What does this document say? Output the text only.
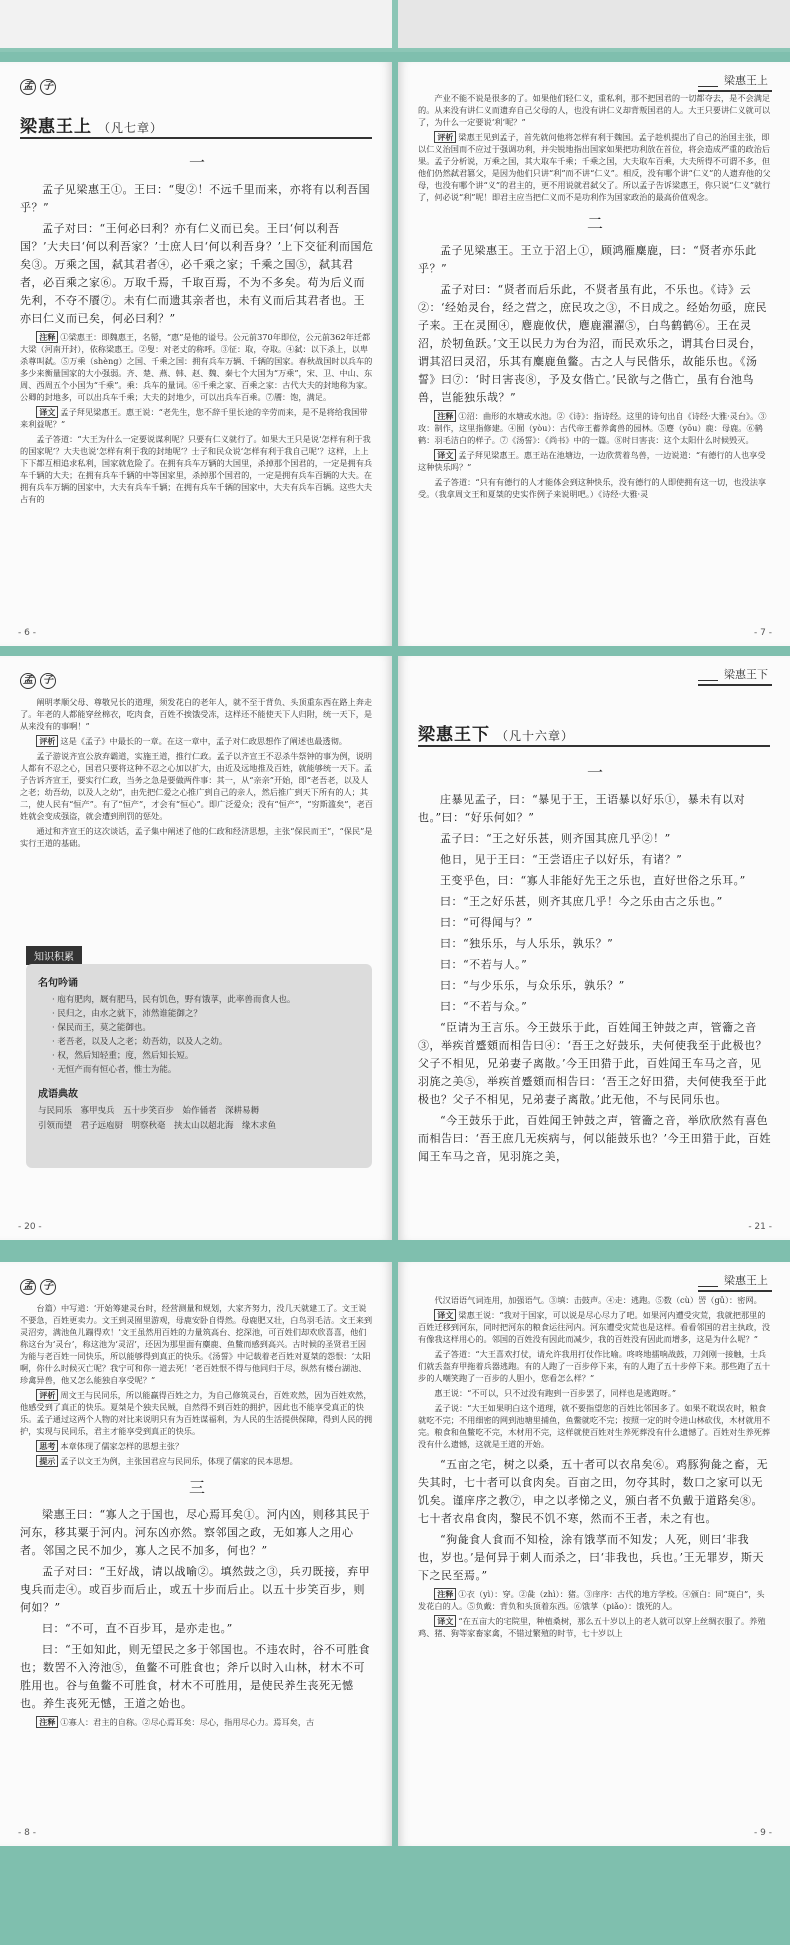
孟 子
梁惠王上 （凡七章）
一

孟子见梁惠王①。王曰：“叟②！不远千里而来，亦将有以利吾国乎？”

孟子对曰：“王何必曰利？亦有仁义而已矣。王曰‘何以利吾国？’大夫曰‘何以利吾家？’士庶人曰‘何以利吾身？’上下交征利而国危矣③。万乘之国，弑其君者④，必千乘之家；千乘之国⑤，弑其君者，必百乘之家⑥。万取千焉，千取百焉，不为不多矣。苟为后义而先利，不夺不餍⑦。未有仁而遗其亲者也，未有义而后其君者也。王亦曰仁义而已矣，何必曰利？”

注释 ①梁惠王：即魏惠王，名罃，“惠”是他的谥号。公元前370年即位，公元前362年迁都大梁（河南开封），依称梁惠王。②叟：对老丈的称呼。③征：取，夺取。④弑：以下杀上，以卑杀尊叫弑。⑤万乘（shèng）之国、千乘之国：拥有兵车万辆、千辆的国家。春秋战国时以兵车的多少来衡量国家的大小强弱。齐、楚、燕、韩、赵、魏、秦七个大国为“万乘”，宋、卫、中山、东周、西周五个小国为“千乘”。乘：兵车的量词。⑥千乘之家、百乘之家：古代大夫的封地称为家。公卿的封地多，可以出兵车千乘；大夫的封地少，可以出兵车百乘。⑦餍：饱，满足。

译文 孟子拜见梁惠王。惠王说：“老先生，您不辞千里长途的辛劳而来，是不是将给我国带来利益呢？”

孟子答道：“大王为什么一定要说谋利呢？只要有仁义就行了。如果大王只是说‘怎样有利于我的国家呢’？大夫也说‘怎样有利于我的封地呢’？士子和民众说‘怎样有利于我自己呢’？这样，上上下下都互相追求私利，国家就危险了。在拥有兵车万辆的大国里，杀掉那个国君的，一定是拥有兵车千辆的大夫；在拥有兵车千辆的中等国家里，杀掉那个国君的，一定是拥有兵车百辆的大夫。在拥有兵车万辆的国家中，大夫有兵车千辆；在拥有兵车千辆的国家中，大夫有兵车百辆。这些大夫占有的

- 6 -
梁惠王上

产业不能不说是很多的了。如果他们轻仁义，重私利，那不把国君的一切都夺去，是不会满足的。从来没有讲仁义而遗弃自己父母的人，也没有讲仁义却背叛国君的人。大王只要讲仁义就可以了，为什么一定要说‘利’呢？”

评析 梁惠王见到孟子，首先就问他将怎样有利于魏国。孟子趁机提出了自己的治国主张，即以仁义治国而不应过于强调功利，并尖锐地指出国家如果把功利放在首位，将会造成严重的政治后果。孟子分析说，万乘之国，其大取车千乘；千乘之国，大夫取车百乘，大夫所得不可谓不多，但他们仍然弑君篡父，是因为他们只讲“利”而不讲“仁义”。相反，没有哪个讲“仁义”的人遗弃他的父母，也没有哪个讲“义”的君主的，更不用说就君弑父了。所以孟子告诉梁惠王，你只说“仁义”就行了，何必说“利”呢！即君主应当把仁义而不是功利作为国家政治的最高价值观念。

二

孟子见梁惠王。王立于沼上①，顾鸿雁麋鹿，曰：“贤者亦乐此乎？”

孟子对曰：“贤者而后乐此，不贤者虽有此，不乐也。《诗》云②：‘经始灵台，经之营之，庶民攻之③，不日成之。经始勿亟，庶民子来。王在灵囿④，麀鹿攸伏，麀鹿濯濯⑤，白鸟鹤鹤⑥。王在灵沼，於牣鱼跃。’文王以民力为台为沼，而民欢乐之，谓其台曰灵台，谓其沼曰灵沼，乐其有麋鹿鱼鳖。古之人与民偕乐，故能乐也。《汤誓》曰⑦：‘时日害丧⑧，予及女偕亡。’民欲与之偕亡，虽有台池鸟兽，岂能独乐哉？”

注释 ①沼：曲形的水塘或水池。②《诗》：指诗经。这里的诗句出自《诗经·大雅·灵台》。③攻：制作，这里指修建。④囿（yòu）：古代帝王蓄养禽兽的园林。⑤麀（yōu）鹿：母鹿。⑥鹤鹤：羽毛洁白的样子。⑦《汤誓》：《尚书》中的一篇。⑧时日害丧：这个太阳什么时候毁灭。

译文 孟子拜见梁惠王。惠王站在池塘边，一边欣赏着鸟兽，一边说道：“有德行的人也享受这种快乐吗？”

孟子答道：“只有有德行的人才能体会到这种快乐，没有德行的人即使拥有这一切，也没法享受。（我拿周文王和夏桀的史实作例子来说明吧。）《诗经·大雅·灵

- 7 -
孟 子

阐明孝顺父母、尊敬兄长的道理，须发花白的老年人，就不至于背负、头顶重东西在路上奔走了。年老的人都能穿丝棉衣，吃肉食，百姓不挨饿受冻，这样还不能使天下人归附，统一天下，是从来没有的事啊！”

评析 这是《孟子》中最长的一章。在这一章中，孟子对仁政思想作了阐述也最透彻。

孟子游说齐宣公放弃霸道，实施王道，推行仁政。孟子以齐宣王不忍杀牛祭钟的事为例，说明人都有不忍之心，国君只要将这种不忍之心加以扩大，由近及远地推及百姓，就能够统一天下。孟子告诉齐宣王，要实行仁政，当务之急是要做两件事：其一，从“亲亲”开始，即“老吾老，以及人之老；幼吾幼，以及人之幼”，由先把仁爱之心推广到自己的亲人，然后推广到天下所有的人；其二，使人民有“恒产”。有了“恒产”，才会有“恒心”。即广泛爱众；没有“恒产”，“穷斯滥矣”，老百姓就会变成强盗，就会遭到刑罚的惩处。

通过和齐宣王的这次谈话，孟子集中阐述了他的仁政和经济思想，主张“保民而王”，“保民”是实行王道的基础。

知识积累
名句吟诵
· 庖有肥肉，厩有肥马，民有饥色，野有饿莩，此率兽而食人也。
· 民归之，由水之就下，沛然谁能御之？
· 保民而王，莫之能御也。
· 老吾老，以及人之老；幼吾幼，以及人之幼。
· 权，然后知轻重；度，然后知长短。
· 无恒产而有恒心者，惟士为能。
成语典故
与民同乐　寡甲曳兵　五十步笑百步　始作俑者　深耕易耨
引领而望　君子远庖厨　明察秋毫　挟太山以超北海　缘木求鱼
- 20 -
梁惠王下
梁惠王下 （凡十六章）
一

庄暴见孟子，曰：“暴见于王，王语暴以好乐①，暴未有以对也。”曰：“好乐何如？”

孟子曰：“王之好乐甚，则齐国其庶几乎②！”

他日，见于王曰：“王尝语庄子以好乐，有诸？”

王变乎色，曰：“寡人非能好先王之乐也，直好世俗之乐耳。”

曰：“王之好乐甚，则齐其庶几乎！今之乐由古之乐也。”

曰：“可得闻与？”

曰：“独乐乐，与人乐乐，孰乐？”

曰：“不若与人。”

曰：“与少乐乐，与众乐乐，孰乐？”

曰：“不若与众。”

“臣请为王言乐。今王鼓乐于此，百姓闻王钟鼓之声，管籥之音③，举疾首蹙頞而相告曰④：‘吾王之好鼓乐，夫何使我至于此极也？父子不相见，兄弟妻子离散。’今王田猎于此，百姓闻王车马之音，见羽旄之美⑤，举疾首蹙頞而相告曰：‘吾王之好田猎，夫何使我至于此极也？父子不相见，兄弟妻子离散。’此无他，不与民同乐也。

“今王鼓乐于此，百姓闻王钟鼓之声，管籥之音，举欣欣然有喜色而相告曰：‘吾王庶几无疾病与，何以能鼓乐也？’今王田猎于此，百姓闻王车马之音，见羽旄之美，

- 21 -
孟 子

台篇）中写道：‘开始筹建灵台时，经营测量和规划，大家齐努力，没几天就建工了。文王说不要急，百姓更卖力。文王到灵囿里游观，母鹿安卧自得然。母鹿肥又壮，白鸟羽毛洁。文王来到灵沼旁，满池鱼儿蹦得欢！’文王虽然用百姓的力量筑高台、挖深池，可百姓们却欢欣喜喜，他们称这台为‘灵台’，称这池为‘灵沼’，还因为那里面有麋鹿、鱼鳖而感到高兴。古时候的圣贤君王因为能与老百姓一同快乐，所以能够得到真正的快乐。《汤誓》中记载着老百姓对夏桀的怨恨：‘太阳啊，你什么时候灭亡呢？我宁可和你一道去死！’老百姓恨不得与他同归于尽，纵然有楼台湖池、珍禽异兽，他又怎么能独自享受呢？”

评析 周文王与民同乐，所以能赢得百姓之力，为自己修筑灵台，百姓欢然，因为百姓欢然，他感受到了真正的快乐。夏桀是个独夫民贼，自然得不到百姓的拥护，因此也不能享受真正的快乐。孟子通过这两个人物的对比来说明只有为百姓谋福利，为人民的生活提供保障，得到人民的拥护，实现与民同乐，君主才能享受到真正的快乐。

思考 本章体现了儒家怎样的思想主张？

提示 孟子以文王为例，主张国君应与民同乐，体现了儒家的民本思想。

三

梁惠王曰：“寡人之于国也，尽心焉耳矣①。河内凶，则移其民于河东，移其粟于河内。河东凶亦然。察邻国之政，无如寡人之用心者。邻国之民不加少，寡人之民不加多，何也？”

孟子对曰：“王好战，请以战喻②。填然鼓之③，兵刃既接，弃甲曳兵而走④。或百步而后止，或五十步而后止。以五十步笑百步，则何如？”

曰：“不可，直不百步耳，是亦走也。”

曰：“王如知此，则无望民之多于邻国也。不违农时，谷不可胜食也；数罟不入洿池⑤，鱼鳖不可胜食也；斧斤以时入山林，材木不可胜用也。谷与鱼鳖不可胜食，材木不可胜用，是使民养生丧死无憾也。养生丧死无憾，王道之始也。

注释 ①寡人：君主的自称。②尽心焉耳矣：尽心，指用尽心力。焉耳矣，古

- 8 -
梁惠王上

代汉语语气词连用，加强语气。③填：击鼓声。④走：逃跑。⑤数（cù）罟（gǔ）：密网。

译文 梁惠王说：“我对于国家，可以说是尽心尽力了吧。如果河内遭受灾荒，我就把那里的百姓迁移到河东，同时把河东的粮食运往河内。河东遭受灾荒也是这样。看看邻国的君主执政，没有像我这样用心的。邻国的百姓没有因此而减少，我的百姓没有因此而增多，这是为什么呢？”

孟子答道：“大王喜欢打仗，请允许我用打仗作比喻。咚咚地擂响战鼓，刀剑刚一接触，士兵们就丢盔弃甲拖着兵器逃跑。有的人跑了一百步停下来，有的人跑了五十步停下来。那些跑了五十步的人嘲笑跑了一百步的人胆小，您看怎么样？”

惠王说：“不可以，只不过没有跑到一百步罢了，同样也是逃跑呀。”

孟子说：“大王如果明白这个道理，就不要指望您的百姓比邻国多了。如果不耽误农时，粮食就吃不完；不用细密的网到池塘里捕鱼，鱼鳖就吃不完；按照一定的时令进山林砍伐，木材就用不完。粮食和鱼鳖吃不完，木材用不完，这样就使百姓对生养死葬没有什么遗憾了。百姓对生养死葬没有什么遗憾，这就是王道的开始。

“五亩之宅，树之以桑，五十者可以衣帛矣⑥。鸡豚狗彘之畜，无失其时，七十者可以食肉矣。百亩之田，勿夺其时，数口之家可以无饥矣。谨庠序之教⑦，申之以孝悌之义，颁白者不负戴于道路矣⑧。七十者衣帛食肉，黎民不饥不寒，然而不王者，未之有也。

“狗彘食人食而不知检，涂有饿莩而不知发；人死，则曰‘非我也，岁也。’是何异于刺人而杀之，曰‘非我也，兵也。’王无罪岁，斯天下之民至焉。”

注释 ①衣（yì）：穿。②彘（zhì）：猪。③庠序：古代的地方学校。④颁白：同“斑白”，头发花白的人。⑤负戴：背负和头顶着东西。⑥饿莩（piǎo）：饿死的人。

译文 “在五亩大的宅院里，种植桑树，那么五十岁以上的老人就可以穿上丝绸衣服了。养殖鸡、猪、狗等家畜家禽，不错过繁殖的时节，七十岁以上

- 9 -
